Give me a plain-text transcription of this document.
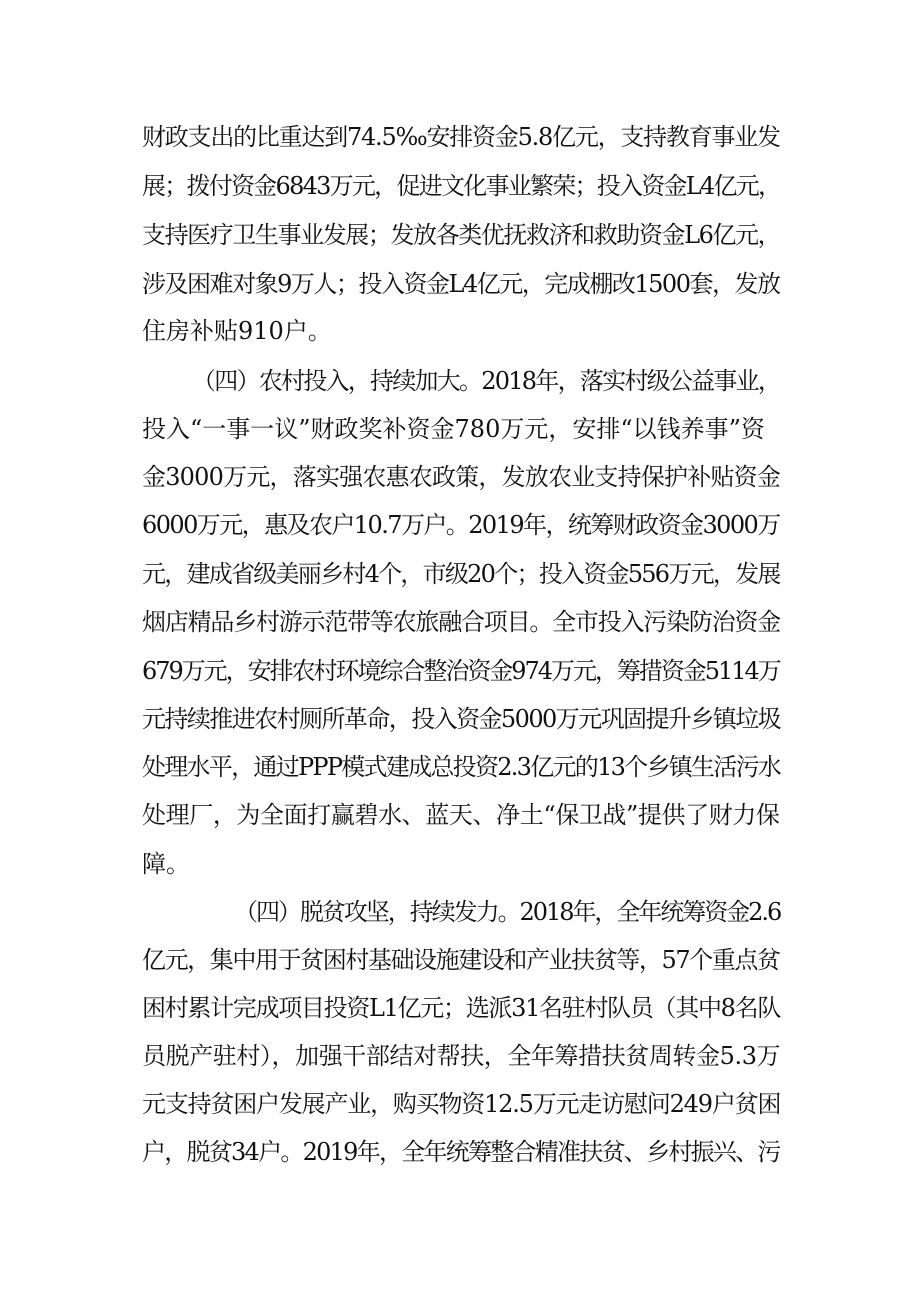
财政支出的比重达到74.5‰安排资金5.8亿元，支持教育事业发
展；拨付资金6843万元，促进文化事业繁荣；投入资金L4亿元，
支持医疗卫生事业发展；发放各类优抚救济和救助资金L6亿元，
涉及困难对象9万人；投入资金L4亿元，完成棚改1500套，发放
住房补贴910户。
（四）农村投入，持续加大。2018年，落实村级公益事业，
投入“一事一议”财政奖补资金780万元，安排“以钱养事”资
金3000万元，落实强农惠农政策，发放农业支持保护补贴资金
6000万元，惠及农户10.7万户。2019年，统筹财政资金3000万
元，建成省级美丽乡村4个，市级20个；投入资金556万元，发展
烟店精品乡村游示范带等农旅融合项目。全市投入污染防治资金
679万元，安排农村环境综合整治资金974万元，筹措资金5114万
元持续推进农村厕所革命，投入资金5000万元巩固提升乡镇垃圾
处理水平，通过PPP模式建成总投资2.3亿元的13个乡镇生活污水
处理厂，为全面打赢碧水、蓝天、净土“保卫战”提供了财力保
障。
（四）脱贫攻坚，持续发力。2018年，全年统筹资金2.6
亿元，集中用于贫困村基础设施建设和产业扶贫等，57个重点贫
困村累计完成项目投资L1亿元；选派31名驻村队员（其中8名队
员脱产驻村），加强干部结对帮扶，全年筹措扶贫周转金5.3万
元支持贫困户发展产业，购买物资12.5万元走访慰问249户贫困
户，脱贫34户。2019年，全年统筹整合精准扶贫、乡村振兴、污
